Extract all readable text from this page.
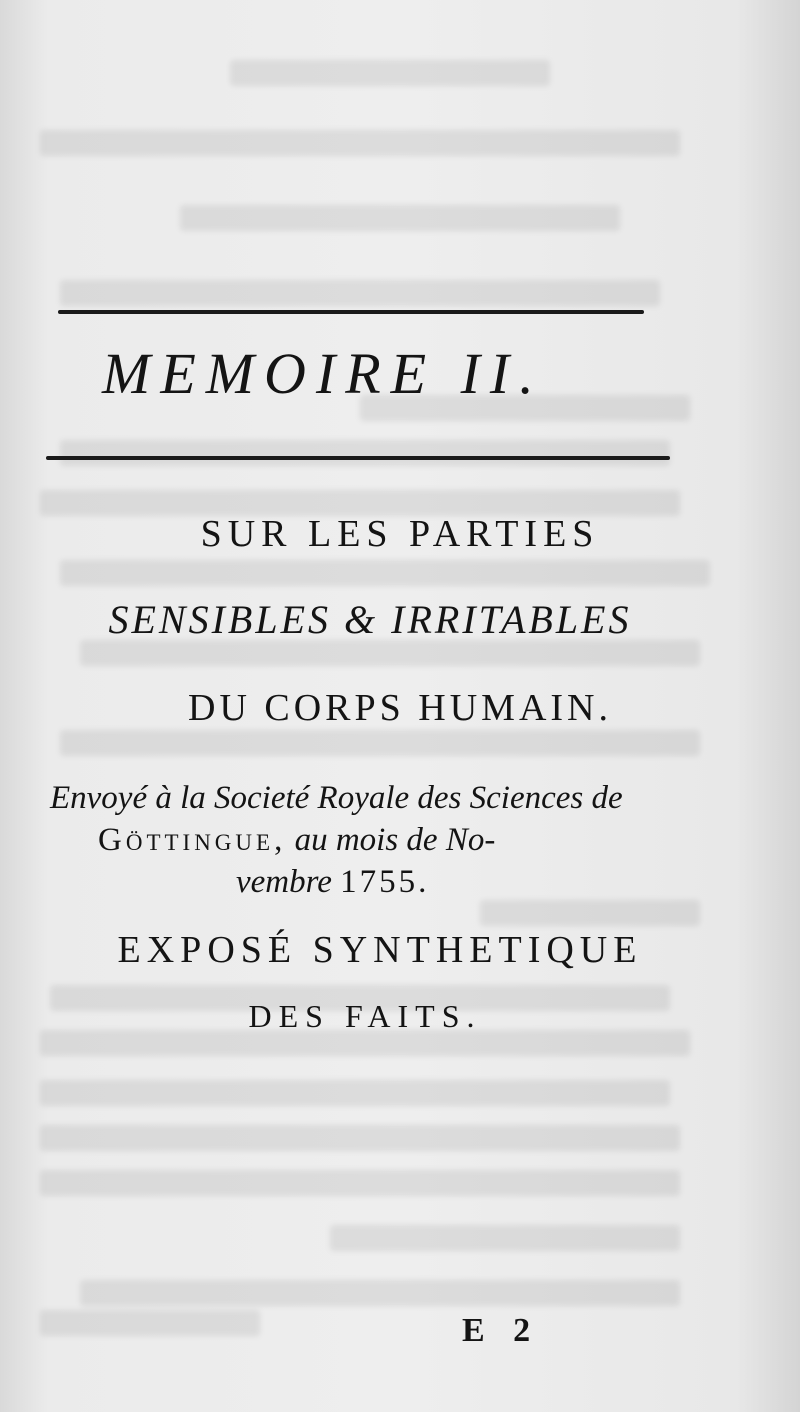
MEMOIRE II.
SUR LES PARTIES
SENSIBLES & IRRITABLES
DU CORPS HUMAIN.
Envoyé à la Societé Royale des Sciences de
Göttingue, au mois de No-
vembre 1755.
EXPOSÉ SYNTHETIQUE
DES FAITS.
E 2
